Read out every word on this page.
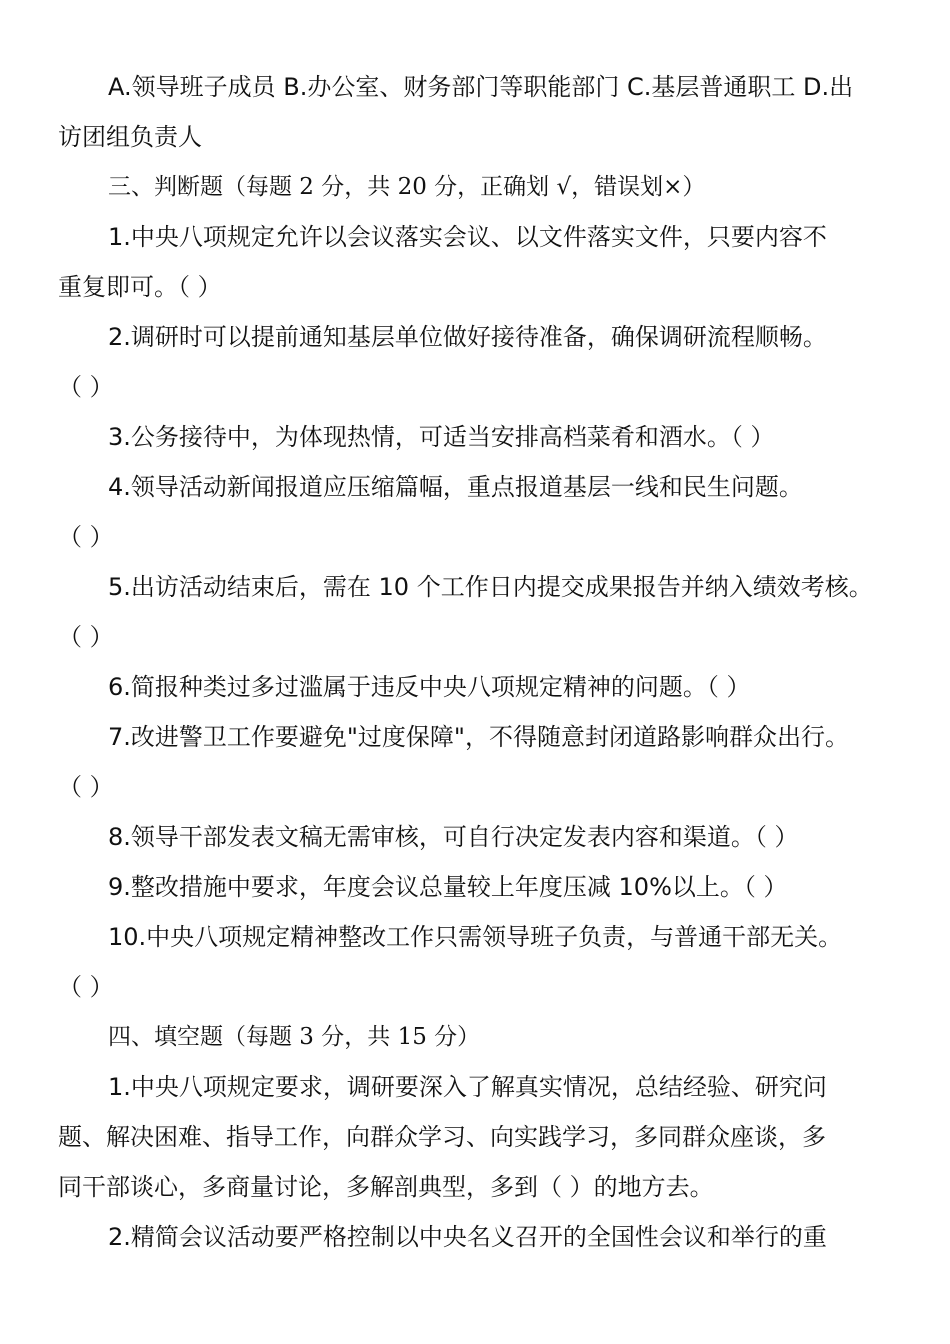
A.领导班子成员 B.办公室、财务部门等职能部门 C.基层普通职工 D.出
访团组负责人
三、判断题（每题 2 分，共 20 分，正确划 √，错误划×）
1.中央八项规定允许以会议落实会议、以文件落实文件，只要内容不
重复即可。（ ）
2.调研时可以提前通知基层单位做好接待准备，确保调研流程顺畅。
（ ）
3.公务接待中，为体现热情，可适当安排高档菜肴和酒水。（ ）
4.领导活动新闻报道应压缩篇幅，重点报道基层一线和民生问题。
（ ）
5.出访活动结束后，需在 10 个工作日内提交成果报告并纳入绩效考核。
（ ）
6.简报种类过多过滥属于违反中央八项规定精神的问题。（ ）
7.改进警卫工作要避免"过度保障"，不得随意封闭道路影响群众出行。
（ ）
8.领导干部发表文稿无需审核，可自行决定发表内容和渠道。（ ）
9.整改措施中要求，年度会议总量较上年度压减 10%以上。（ ）
10.中央八项规定精神整改工作只需领导班子负责，与普通干部无关。
（ ）
四、填空题（每题 3 分，共 15 分）
1.中央八项规定要求，调研要深入了解真实情况，总结经验、研究问
题、解决困难、指导工作，向群众学习、向实践学习，多同群众座谈，多
同干部谈心，多商量讨论，多解剖典型，多到（ ）的地方去。
2.精简会议活动要严格控制以中央名义召开的全国性会议和举行的重
